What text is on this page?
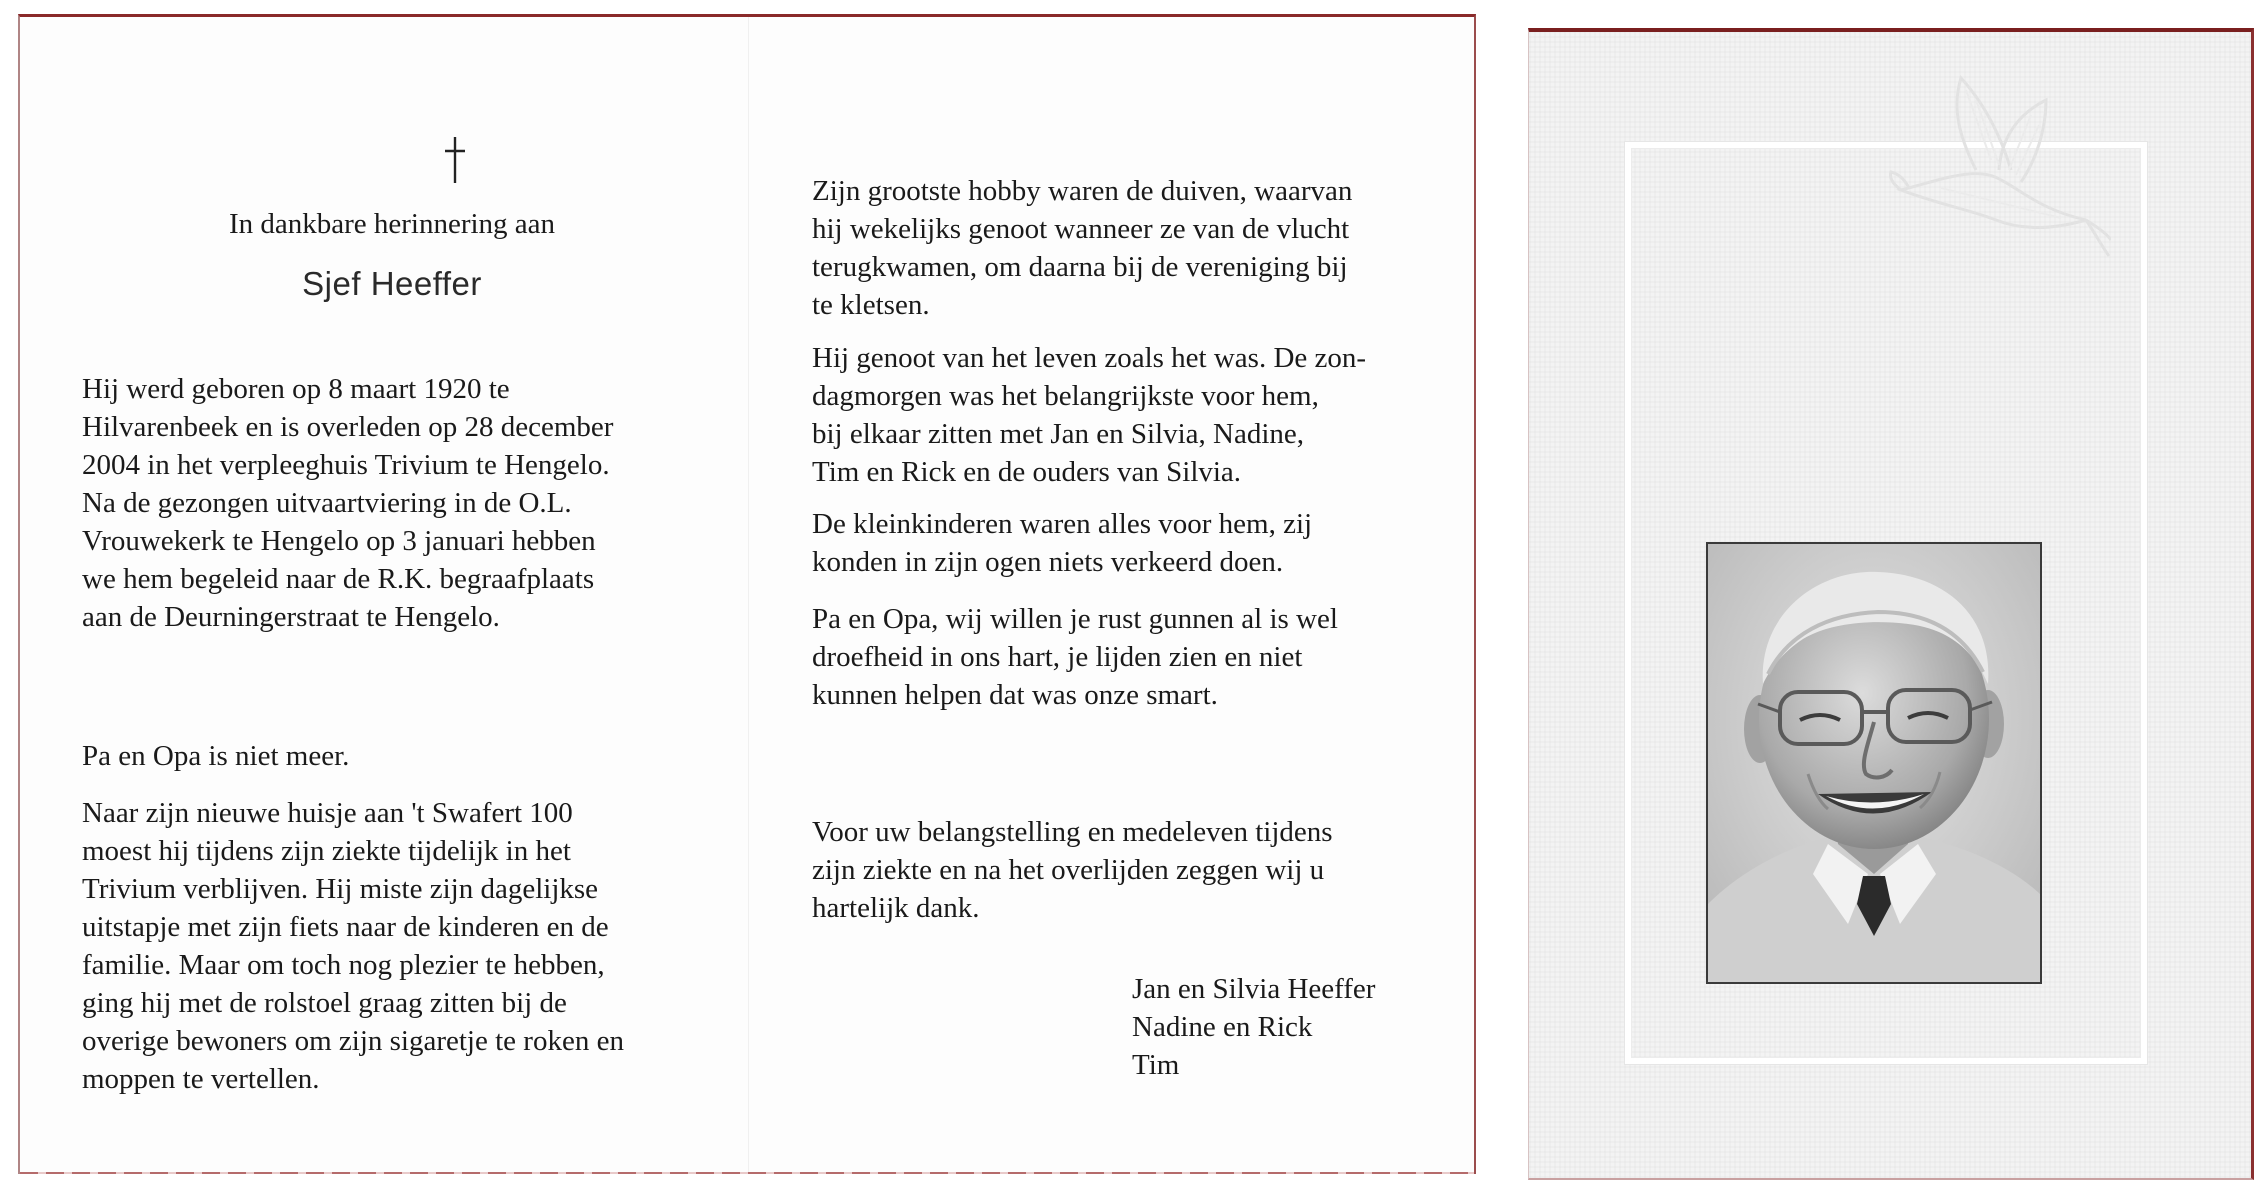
In dankbare herinnering aan
Sjef Heeffer
Hij werd geboren op 8 maart 1920 te
Hilvarenbeek en is overleden op 28 december
2004 in het verpleeghuis Trivium te Hengelo.
Na de gezongen uitvaartviering in de O.L.
Vrouwekerk te Hengelo op 3 januari hebben
we hem begeleid naar de R.K. begraafplaats
aan de Deurningerstraat te Hengelo.
Pa en Opa is niet meer.
Naar zijn nieuwe huisje aan 't Swafert 100
moest hij tijdens zijn ziekte tijdelijk in het
Trivium verblijven. Hij miste zijn dagelijkse
uitstapje met zijn fiets naar de kinderen en de
familie. Maar om toch nog plezier te hebben,
ging hij met de rolstoel graag zitten bij de
overige bewoners om zijn sigaretje te roken en
moppen te vertellen.
Zijn grootste hobby waren de duiven, waarvan
hij wekelijks genoot wanneer ze van de vlucht
terugkwamen, om daarna bij de vereniging bij
te kletsen.
Hij genoot van het leven zoals het was. De zon-
dagmorgen was het belangrijkste voor hem,
bij elkaar zitten met Jan en Silvia, Nadine,
Tim en Rick en de ouders van Silvia.
De kleinkinderen waren alles voor hem, zij
konden in zijn ogen niets verkeerd doen.
Pa en Opa, wij willen je rust gunnen al is wel
droefheid in ons hart, je lijden zien en niet
kunnen helpen dat was onze smart.
Voor uw belangstelling en medeleven tijdens
zijn ziekte en na het overlijden zeggen wij u
hartelijk dank.
Jan en Silvia Heeffer
Nadine en Rick
Tim
